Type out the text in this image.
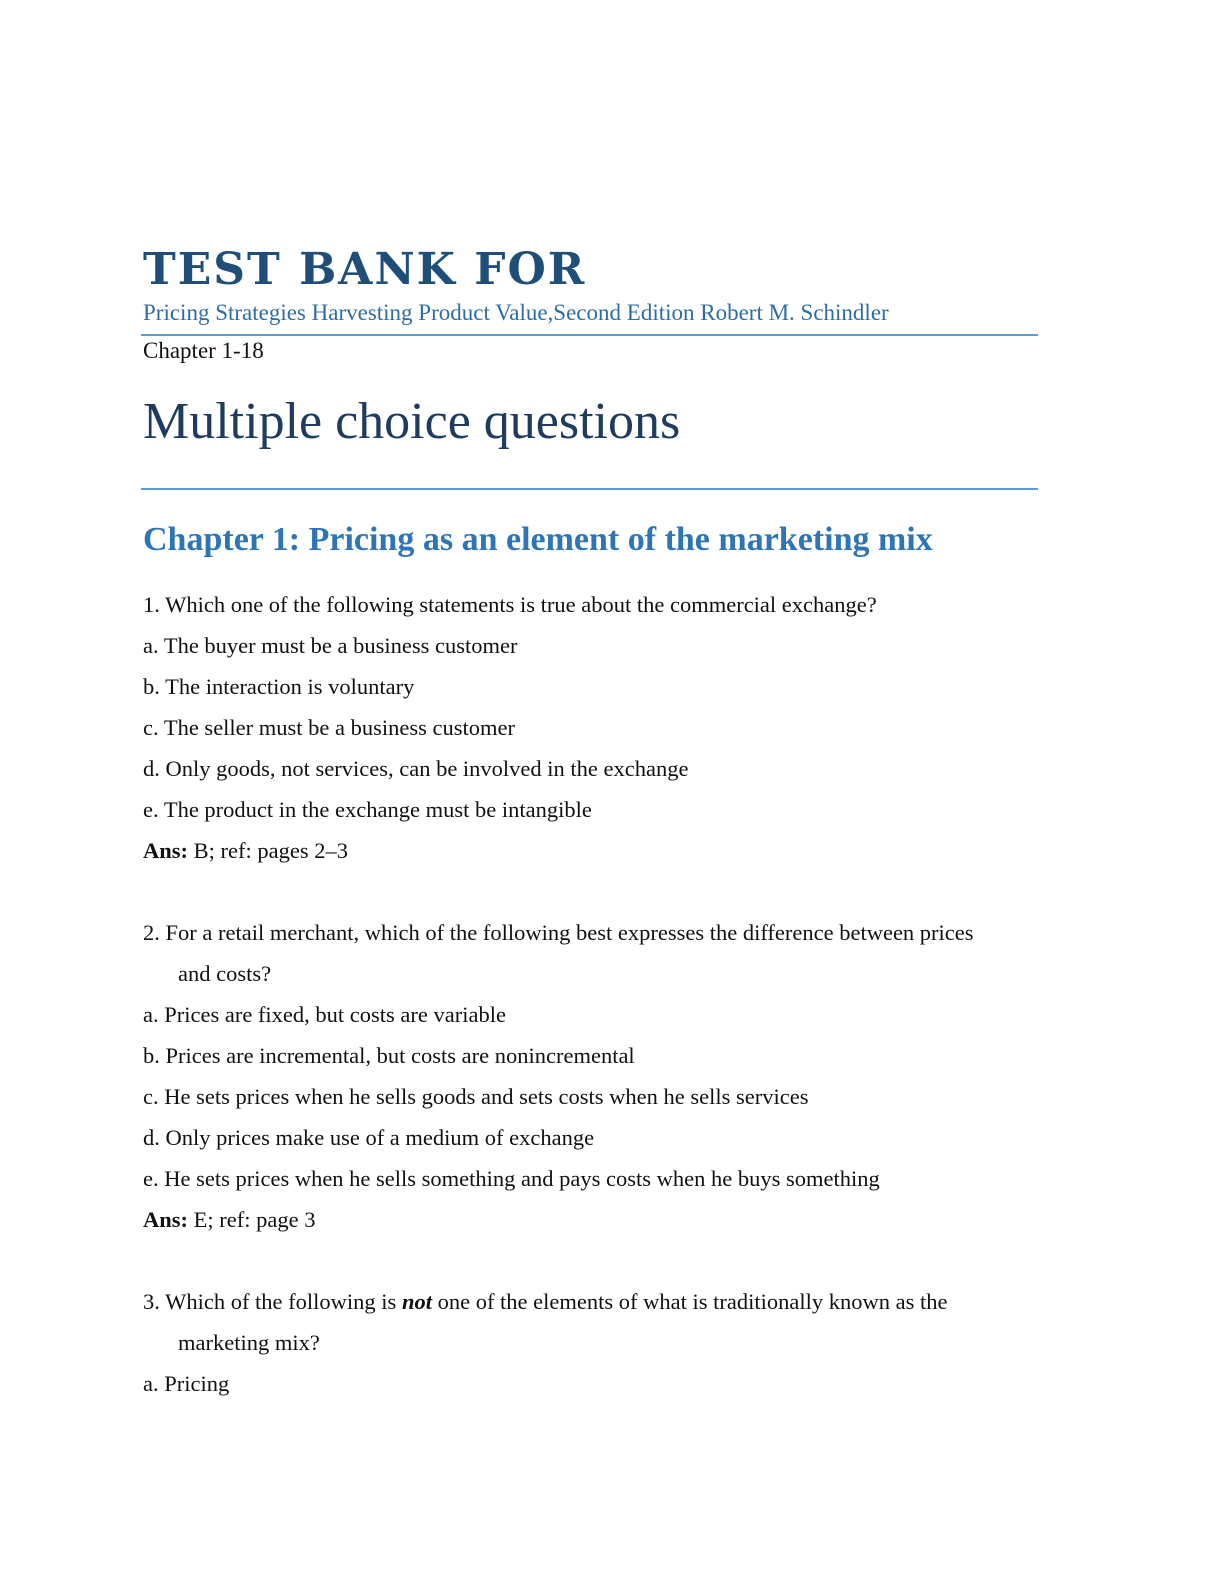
TEST BANK FOR

Pricing Strategies Harvesting Product Value,Second Edition Robert M. Schindler

Chapter 1-18

Multiple choice questions
Chapter 1: Pricing as an element of the marketing mix

1. Which one of the following statements is true about the commercial exchange?

a. The buyer must be a business customer

b. The interaction is voluntary

c. The seller must be a business customer

d. Only goods, not services, can be involved in the exchange

e. The product in the exchange must be intangible

Ans: B; ref: pages 2–3

2. For a retail merchant, which of the following best expresses the difference between prices

and costs?

a. Prices are fixed, but costs are variable

b. Prices are incremental, but costs are nonincremental

c. He sets prices when he sells goods and sets costs when he sells services

d. Only prices make use of a medium of exchange

e. He sets prices when he sells something and pays costs when he buys something

Ans: E; ref: page 3

3. Which of the following is not one of the elements of what is traditionally known as the

marketing mix?

a. Pricing
